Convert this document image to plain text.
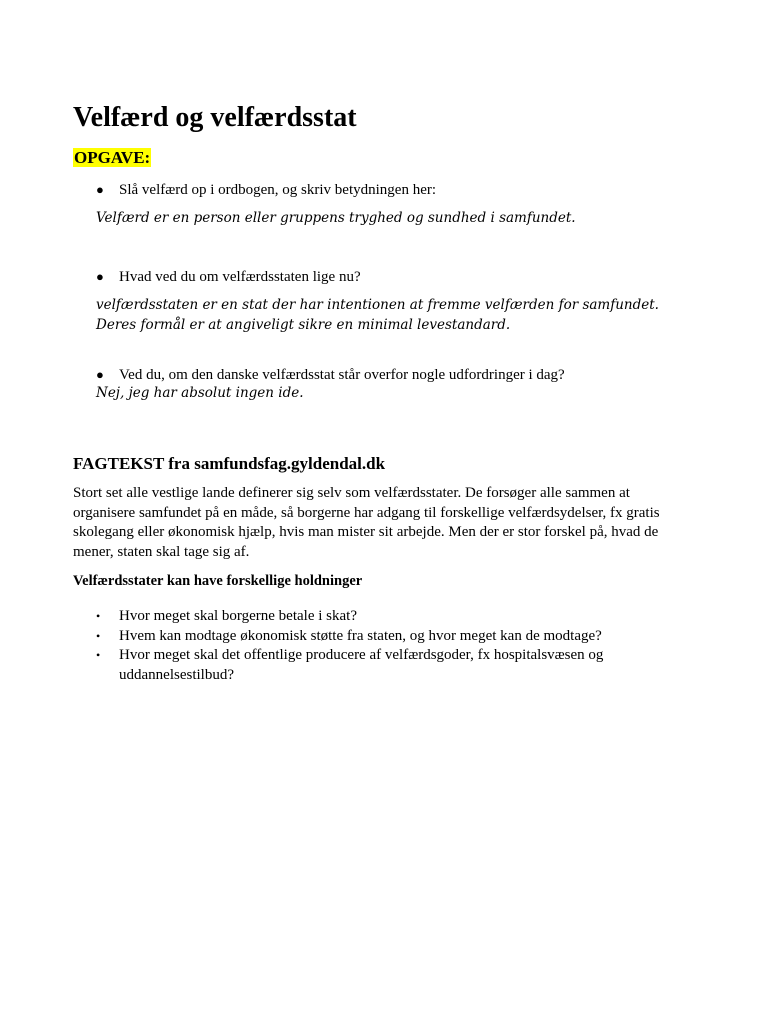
Velfærd og velfærdsstat
OPGAVE:
● Slå velfærd op i ordbogen, og skriv betydningen her:
Velfærd er en person eller gruppens tryghed og sundhed i samfundet.
● Hvad ved du om velfærdsstaten lige nu?
velfærdsstaten er en stat der har intentionen at fremme velfærden for samfundet. Deres formål er at angiveligt sikre en minimal levestandard.
● Ved du, om den danske velfærdsstat står overfor nogle udfordringer i dag?
Nej, jeg har absolut ingen ide.
FAGTEKST fra samfundsfag.gyldendal.dk

Stort set alle vestlige lande definerer sig selv som velfærdsstater. De forsøger alle sammen at organisere samfundet på en måde, så borgerne har adgang til forskellige velfærdsydelser, fx gratis skolegang eller økonomisk hjælp, hvis man mister sit arbejde. Men der er stor forskel på, hvad de mener, staten skal tage sig af.

Velfærdsstater kan have forskellige holdninger
• Hvor meget skal borgerne betale i skat?
• Hvem kan modtage økonomisk støtte fra staten, og hvor meget kan de modtage?
• Hvor meget skal det offentlige producere af velfærdsgoder, fx hospitalsvæsen og uddannelsestilbud?
